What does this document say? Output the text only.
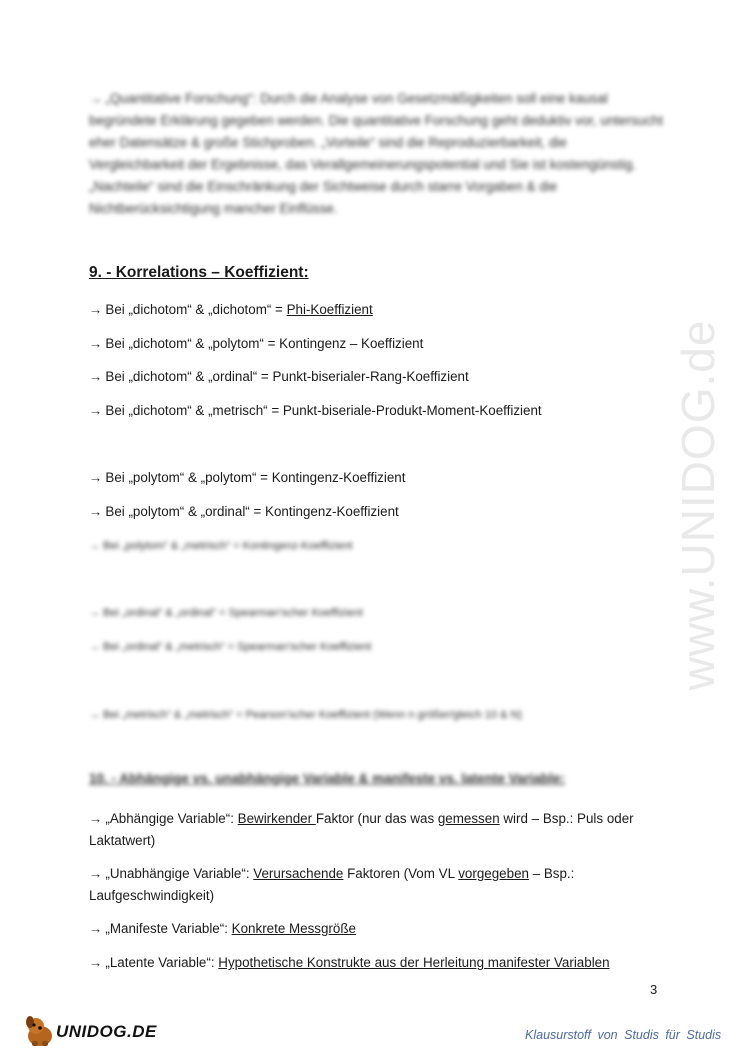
www.UNIDOG.de
→ „Quantitative Forschung“: Durch die Analyse von Gesetzmäßigkeiten soll eine kausal begründete Erklärung gegeben werden. Die quantitative Forschung geht deduktiv vor, untersucht eher Datensätze & große Stichproben. „Vorteile“ sind die Reproduzierbarkeit, die Vergleichbarkeit der Ergebnisse, das Verallgemeinerungspotential und Sie ist kostengünstig. „Nachteile“ sind die Einschränkung der Sichtweise durch starre Vorgaben & die Nichtberücksichtigung mancher Einflüsse.
9. - Korrelations – Koeffizient:
→ Bei „dichotom“ & „dichotom“ = Phi-Koeffizient
→ Bei „dichotom“ & „polytom“ = Kontingenz – Koeffizient
→ Bei „dichotom“ & „ordinal“ = Punkt-biserialer-Rang-Koeffizient
→ Bei „dichotom“ & „metrisch“ = Punkt-biseriale-Produkt-Moment-Koeffizient
→ Bei „polytom“ & „polytom“ = Kontingenz-Koeffizient
→ Bei „polytom“ & „ordinal“ = Kontingenz-Koeffizient
→ Bei „polytom“ & „metrisch“ = Kontingenz-Koeffizient
→ Bei „ordinal“ & „ordinal“ = Spearman’scher Koeffizient
→ Bei „ordinal“ & „metrisch“ = Spearman’scher Koeffizient
→ Bei „metrisch“ & „metrisch“ = Pearson’scher Koeffizient (Wenn n größer/gleich 10 & N)
10. - Abhängige vs. unabhängige Variable & manifeste vs. latente Variable:
→ „Abhängige Variable“: Bewirkender Faktor (nur das was gemessen wird – Bsp.: Puls oder Laktatwert)
→ „Unabhängige Variable“: Verursachende Faktoren (Vom VL vorgegeben – Bsp.: Laufgeschwindigkeit)
→ „Manifeste Variable“: Konkrete Messgröße
→ „Latente Variable“: Hypothetische Konstrukte aus der Herleitung manifester Variablen
3
UNIDOG.DE	Klausurstoff von Studis für Studis
